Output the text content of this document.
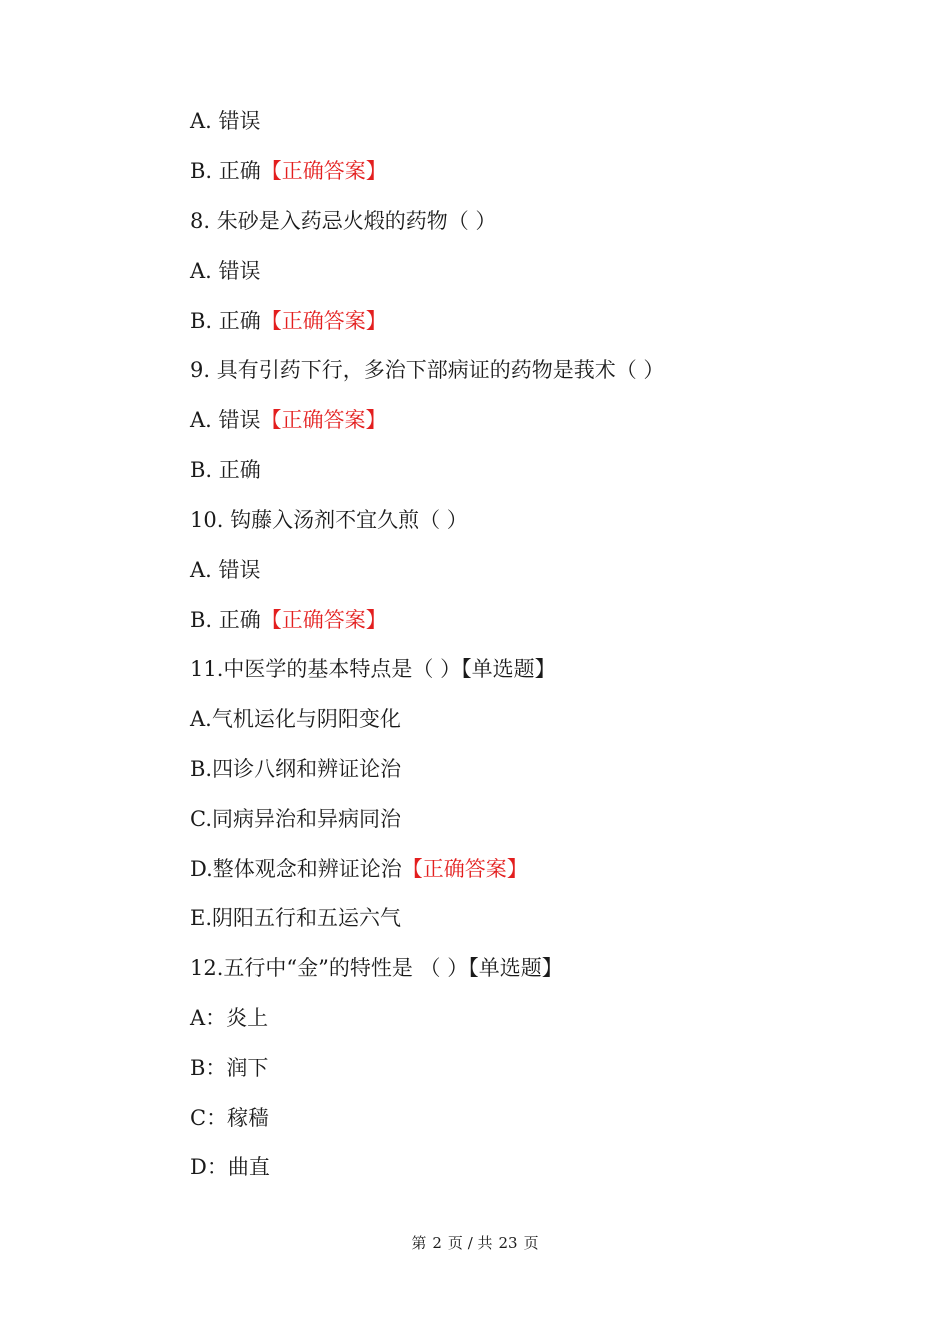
A. 错误
B. 正确【正确答案】
8. 朱砂是入药忌火煅的药物（ ）
A. 错误
B. 正确【正确答案】
9. 具有引药下行，多治下部病证的药物是莪术（ ）
A. 错误【正确答案】
B. 正确
10. 钩藤入汤剂不宜久煎（ ）
A. 错误
B. 正确【正确答案】
11.中医学的基本特点是（ ）【单选题】
A.气机运化与阴阳变化
B.四诊八纲和辨证论治
C.同病异治和异病同治
D.整体观念和辨证论治【正确答案】
E.阴阳五行和五运六气
12.五行中“金”的特性是 （ ）【单选题】
A：炎上
B：润下
C：稼穑
D：曲直
第 2 页 / 共 23 页
